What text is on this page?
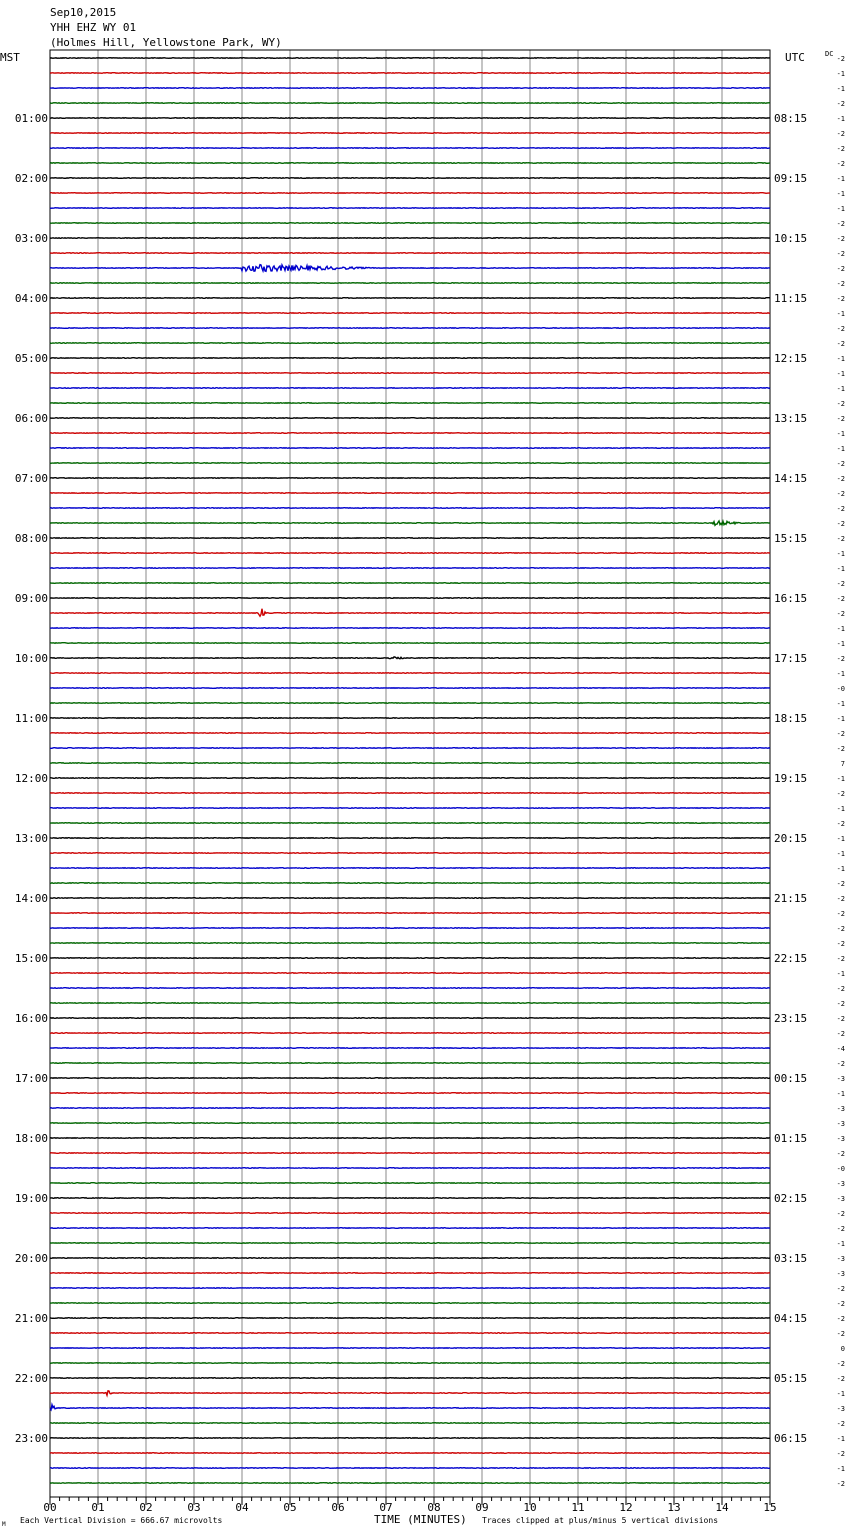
00	01	02	03	04	05	06	07	08	09	10	11	12	13	14	15
-2
-1
-1
-2
-1
-2
-2
-2
-1
-1
-1
-2
-2
-2
-2
-2
-2
-1
-2
-2
-1
-1
-1
-2
-2
-1
-1
-2
-2
-2
-2
-2
-2
-1
-1
-2
-2
-2
-1
-1
-2
-1
-0
-1
-1
-2
-2
7
-1
-2
-1
-2
-1
-1
-1
-2
-2
-2
-2
-2
-2
-1
-2
-2
-2
-2
-4
-2
-3
-1
-3
-3
-3
-2
-0
-3
-3
-2
-2
-1
-3
-3
-2
-2
-2
-2
0
-2
-2
-1
-3
-2
-1
-2
-1
-2
01:00
02:00
03:00
04:00
05:00
06:00
07:00
08:00
09:00
10:00
11:00
12:00
13:00
14:00
15:00
16:00
17:00
18:00
19:00
20:00
21:00
22:00
23:00
08:15
09:15
10:15
11:15
12:15
13:15
14:15
15:15
16:15
17:15
18:15
19:15
20:15
21:15
22:15
23:15
00:15
01:15
02:15
03:15
04:15
05:15
06:15
Sep10,2015
YHH EHZ WY 01
(Holmes Hill, Yellowstone Park, WY)
MST	UTC	DC
M Each Vertical Division = 666.67 microvolts	TIME (MINUTES) Traces clipped at plus/minus 5 vertical divisions
